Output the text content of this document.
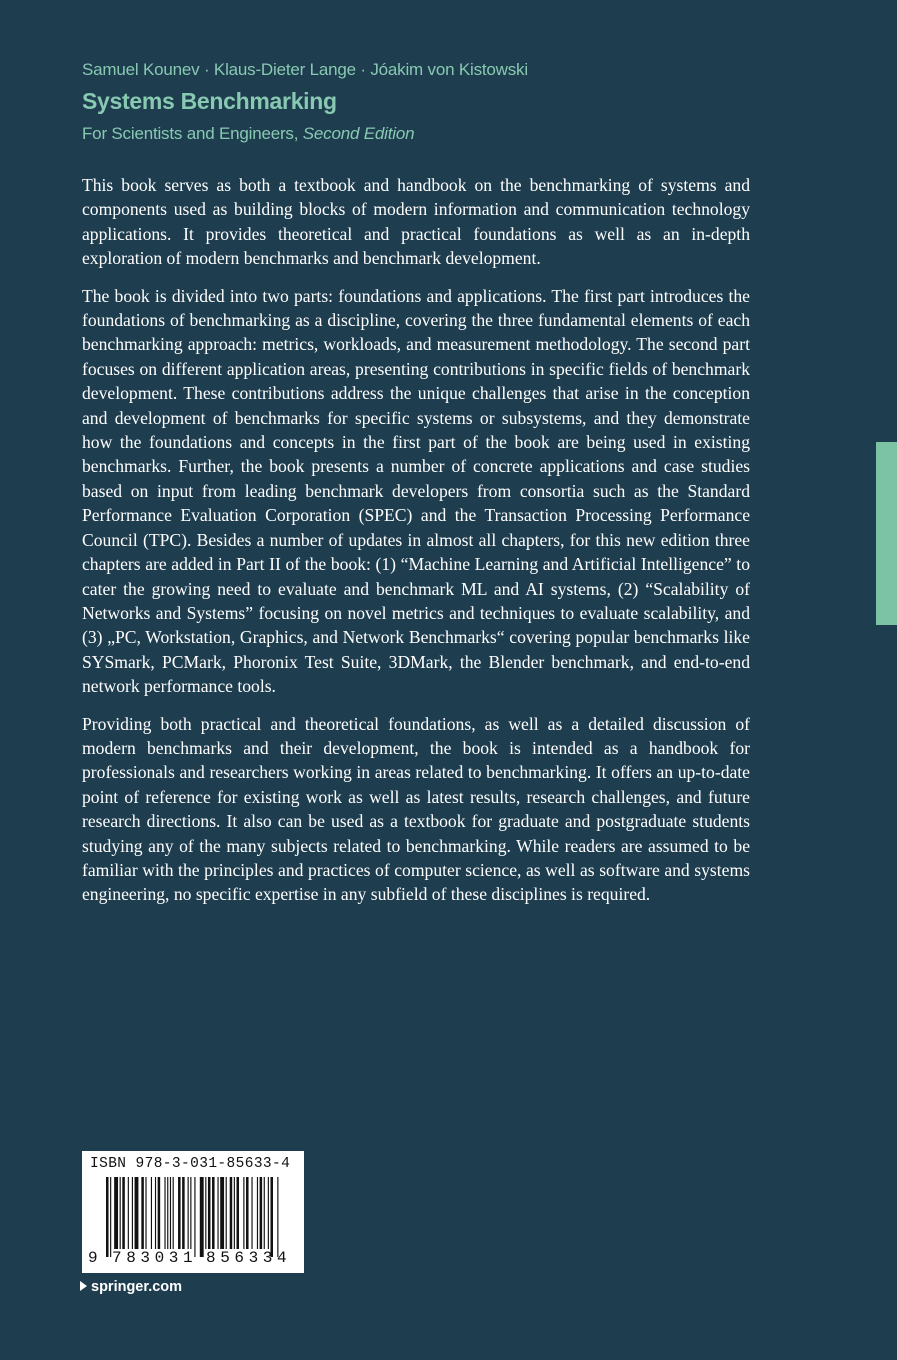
Samuel Kounev · Klaus-Dieter Lange · Jóakim von Kistowski
Systems Benchmarking
For Scientists and Engineers, Second Edition

This book serves as both a textbook and handbook on the benchmarking of systems and components used as building blocks of modern information and communication technology applications. It provides theoretical and practical foundations as well as an in-depth exploration of modern benchmarks and benchmark development.

The book is divided into two parts: foundations and applications. The first part introduces the foundations of benchmarking as a discipline, covering the three fundamental elements of each benchmarking approach: metrics, workloads, and measurement methodology. The second part focuses on different application areas, presenting contributions in specific fields of benchmark development. These contributions address the unique challenges that arise in the conception and development of benchmarks for specific systems or subsystems, and they demonstrate how the foundations and concepts in the first part of the book are being used in existing benchmarks. Further, the book presents a number of concrete applications and case studies based on input from leading benchmark developers from consortia such as the Standard Performance Evaluation Corporation (SPEC) and the Transaction Processing Performance Council (TPC). Besides a number of updates in almost all chapters, for this new edition three chapters are added in Part II of the book: (1) “Machine Learning and Artificial Intelligence” to cater the growing need to evaluate and benchmark ML and AI systems, (2) “Scalability of Networks and Systems” focusing on novel metrics and techniques to evaluate scalability, and (3) „PC, Workstation, Graphics, and Network Benchmarks“ covering popular benchmarks like SYSmark, PCMark, Phoronix Test Suite, 3DMark, the Blender benchmark, and end-to-end network performance tools.

Providing both practical and theoretical foundations, as well as a detailed discussion of modern benchmarks and their development, the book is intended as a handbook for professionals and researchers working in areas related to benchmarking. It offers an up-to-date point of reference for existing work as well as latest results, research challenges, and future research directions. It also can be used as a textbook for graduate and postgraduate students studying any of the many subjects related to benchmarking. While readers are assumed to be familiar with the principles and practices of computer science, as well as software and systems engineering, no specific expertise in any subfield of these disciplines is required.

ISBN 978-3-031-85633-4
9 783031 856334
springer.com
